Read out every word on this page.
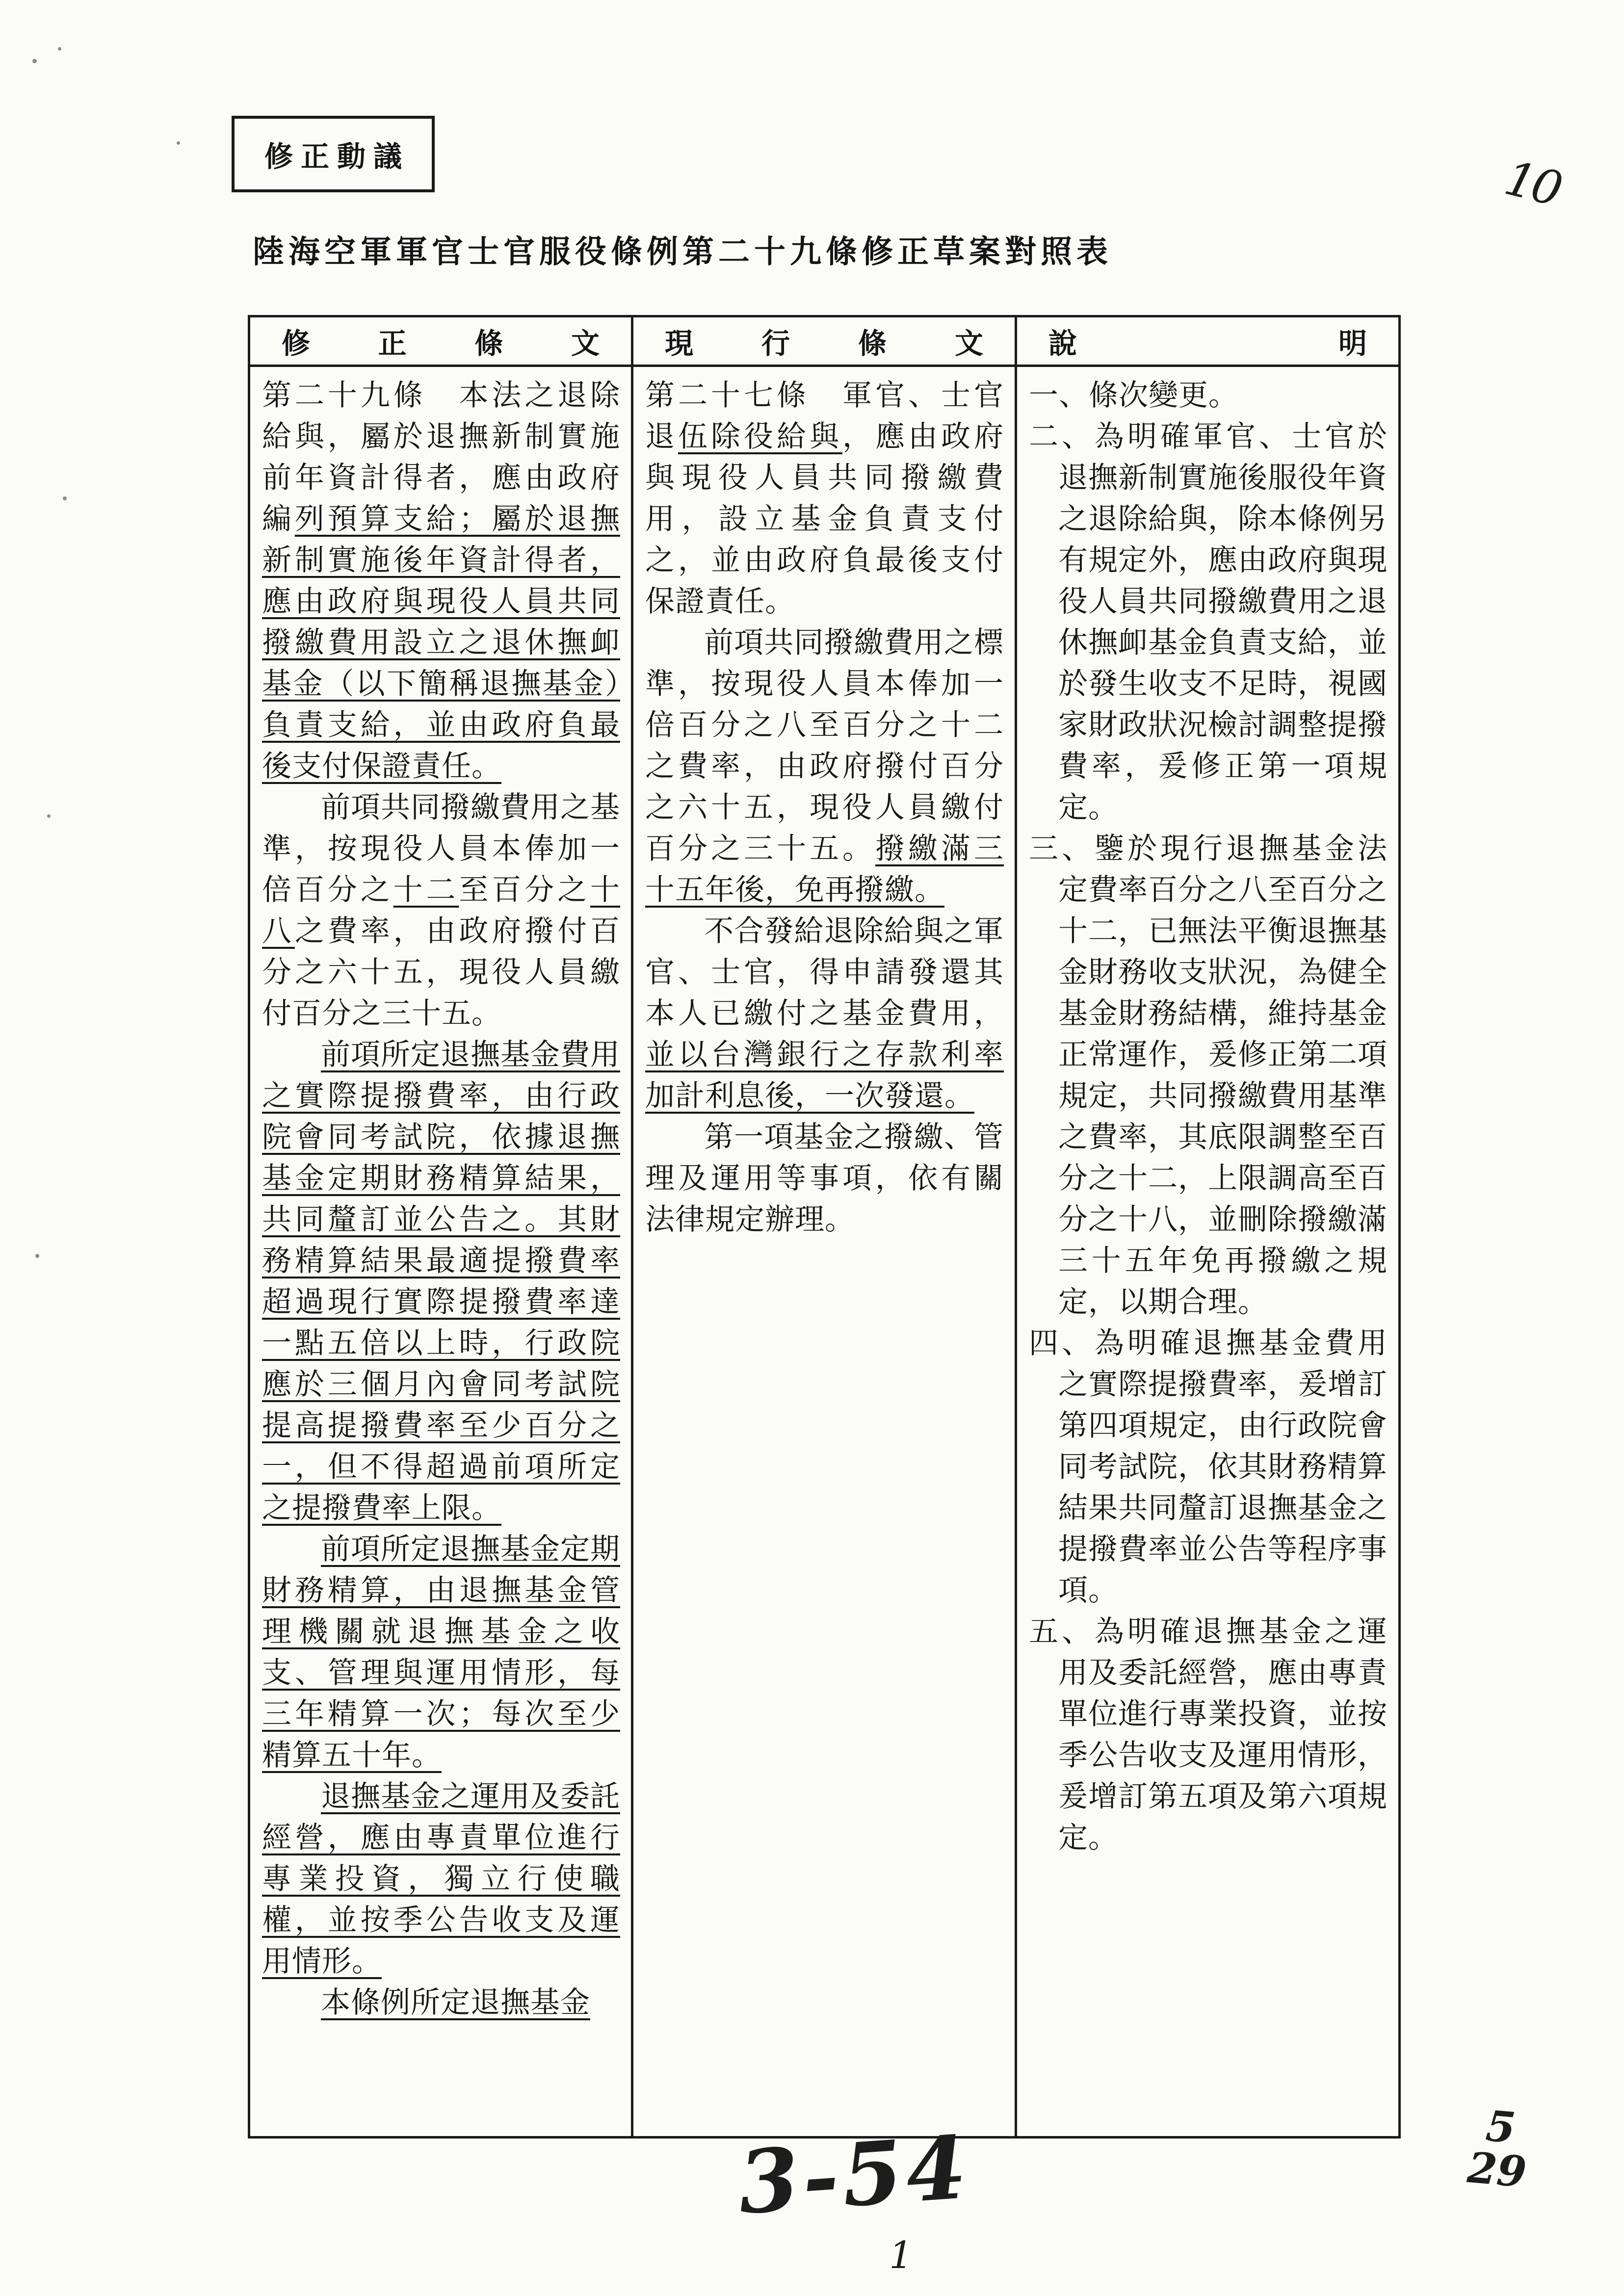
修正動議	10
陸海空軍軍官士官服役條例第二十九條修正草案對照表
修 正 條 文	現 行 條 文	說 明

第二十九條　本法之退除給與，屬於退撫新制實施前年資計得者，應由政府編列預算支給；屬於退撫新制實施後年資計得者，應由政府與現役人員共同撥繳費用設立之退休撫卹基金（以下簡稱退撫基金）負責支給，並由政府負最後支付保證責任。
前項共同撥繳費用之基準，按現役人員本俸加一倍百分之十二至百分之十八之費率，由政府撥付百分之六十五，現役人員繳付百分之三十五。
前項所定退撫基金費用之實際提撥費率，由行政院會同考試院，依據退撫基金定期財務精算結果，共同釐訂並公告之。其財務精算結果最適提撥費率超過現行實際提撥費率達一點五倍以上時，行政院應於三個月內會同考試院提高提撥費率至少百分之一，但不得超過前項所定之提撥費率上限。
前項所定退撫基金定期財務精算，由退撫基金管理機關就退撫基金之收支、管理與運用情形，每三年精算一次；每次至少精算五十年。
退撫基金之運用及委託經營，應由專責單位進行專業投資，獨立行使職權，並按季公告收支及運用情形。
本條例所定退撫基金

第二十七條　軍官、士官退伍除役給與，應由政府與現役人員共同撥繳費用，設立基金負責支付之，並由政府負最後支付保證責任。
前項共同撥繳費用之標準，按現役人員本俸加一倍百分之八至百分之十二之費率，由政府撥付百分之六十五，現役人員繳付百分之三十五。撥繳滿三十五年後，免再撥繳。
不合發給退除給與之軍官、士官，得申請發還其本人已繳付之基金費用，並以台灣銀行之存款利率加計利息後，一次發還。
第一項基金之撥繳、管理及運用等事項，依有關法律規定辦理。

一、條次變更。
二、為明確軍官、士官於退撫新制實施後服役年資之退除給與，除本條例另有規定外，應由政府與現役人員共同撥繳費用之退休撫卹基金負責支給，並於發生收支不足時，視國家財政狀況檢討調整提撥費率，爰修正第一項規定。
三、鑒於現行退撫基金法定費率百分之八至百分之十二，已無法平衡退撫基金財務收支狀況，為健全基金財務結構，維持基金正常運作，爰修正第二項規定，共同撥繳費用基準之費率，其底限調整至百分之十二，上限調高至百分之十八，並刪除撥繳滿三十五年免再撥繳之規定，以期合理。
四、為明確退撫基金費用之實際提撥費率，爰增訂第四項規定，由行政院會同考試院，依其財務精算結果共同釐訂退撫基金之提撥費率並公告等程序事項。
五、為明確退撫基金之運用及委託經營，應由專責單位進行專業投資，並按季公告收支及運用情形，爰增訂第五項及第六項規定。
3-54
1
5
29
